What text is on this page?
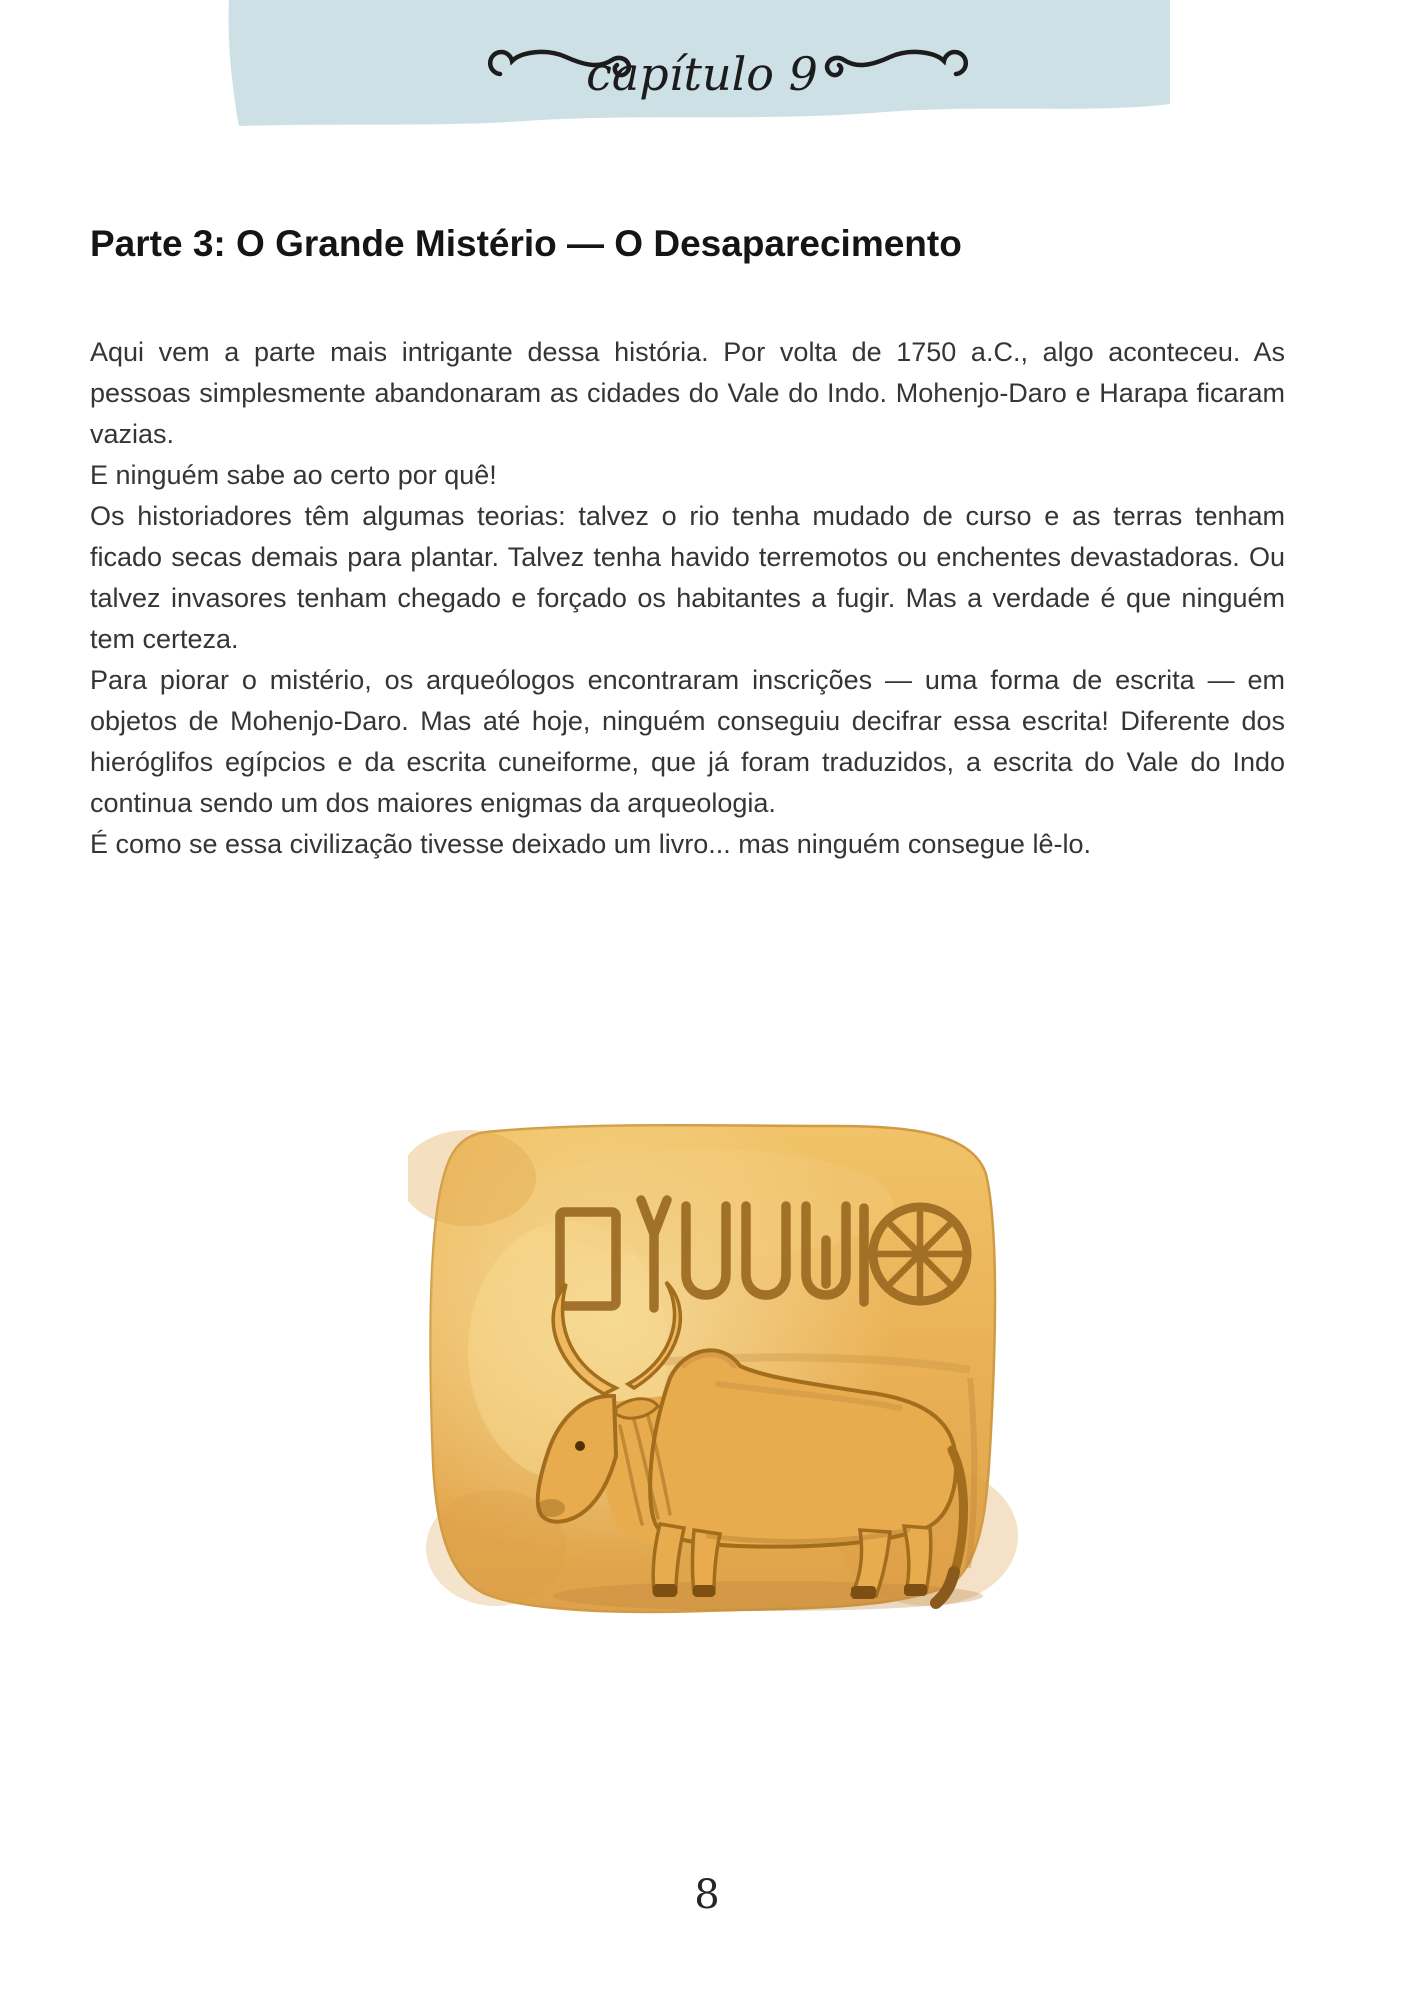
capítulo 9
Parte 3: O Grande Mistério — O Desaparecimento

Aqui vem a parte mais intrigante dessa história. Por volta de 1750 a.C., algo aconteceu. As pessoas simplesmente abandonaram as cidades do Vale do Indo. Mohenjo-Daro e Harapa ficaram vazias.

E ninguém sabe ao certo por quê!

Os historiadores têm algumas teorias: talvez o rio tenha mudado de curso e as terras tenham ficado secas demais para plantar. Talvez tenha havido terremotos ou enchentes devastadoras. Ou talvez invasores tenham chegado e forçado os habitantes a fugir. Mas a verdade é que ninguém tem certeza.

Para piorar o mistério, os arqueólogos encontraram inscrições — uma forma de escrita — em objetos de Mohenjo-Daro. Mas até hoje, ninguém conseguiu decifrar essa escrita! Diferente dos hieróglifos egípcios e da escrita cuneiforme, que já foram traduzidos, a escrita do Vale do Indo continua sendo um dos maiores enigmas da arqueologia.

É como se essa civilização tivesse deixado um livro... mas ninguém consegue lê-lo.

8
